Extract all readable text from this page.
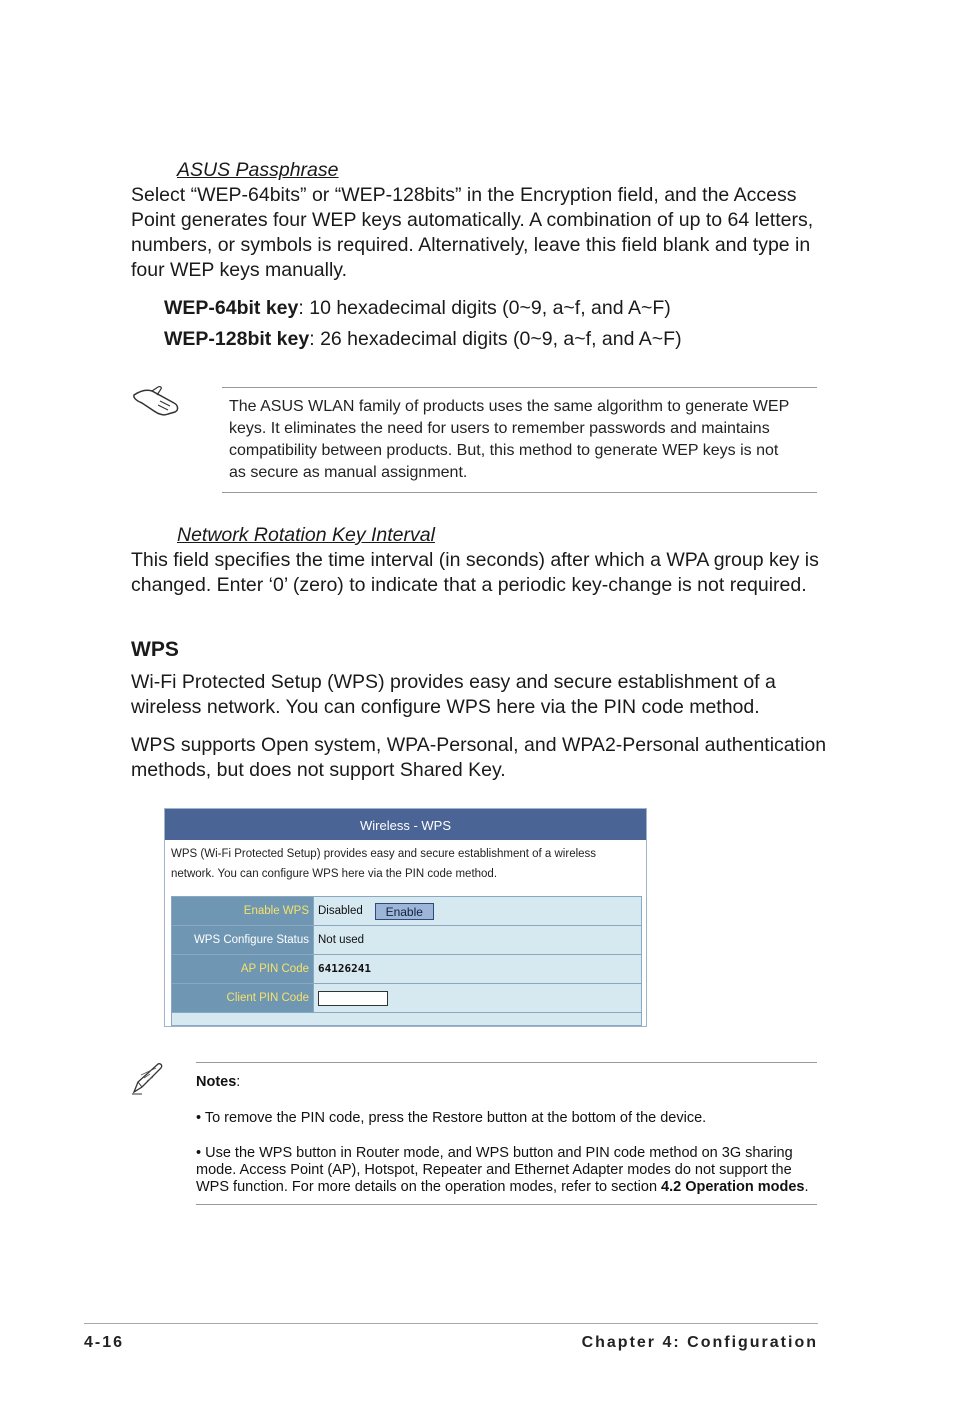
ASUS Passphrase
Select “WEP-64bits” or “WEP-128bits” in the Encryption field, and the Access
Point generates four WEP keys automatically. A combination of up to 64 letters,
numbers, or symbols is required. Alternatively, leave this field blank and type in
four WEP keys manually.
WEP-64bit key: 10 hexadecimal digits (0~9, a~f, and A~F)
WEP-128bit key: 26 hexadecimal digits (0~9, a~f, and A~F)
The ASUS WLAN family of products uses the same algorithm to generate WEP
keys. It eliminates the need for users to remember passwords and maintains
compatibility between products. But, this method to generate WEP keys is not
as secure as manual assignment.
Network Rotation Key Interval
This field specifies the time interval (in seconds) after which a WPA group key is
changed. Enter ‘0’ (zero) to indicate that a periodic key-change is not required.
WPS
Wi-Fi Protected Setup (WPS) provides easy and secure establishment of a
wireless network. You can configure WPS here via the PIN code method.
WPS supports Open system, WPA-Personal, and WPA2-Personal authentication
methods, but does not support Shared Key.
Wireless - WPS
WPS (Wi-Fi Protected Setup) provides easy and secure establishment of a wireless
network. You can configure WPS here via the PIN code method.
Enable WPS Disabled	Enable
WPS Configure Status Not used
AP PIN Code 64126241
Client PIN Code
Notes:
• To remove the PIN code, press the Restore button at the bottom of the device.
• Use the WPS button in Router mode, and WPS button and PIN code method on 3G sharing
mode. Access Point (AP), Hotspot, Repeater and Ethernet Adapter modes do not support the
WPS function. For more details on the operation modes, refer to section 4.2 Operation modes.
4-16	Chapter 4: Configuration
